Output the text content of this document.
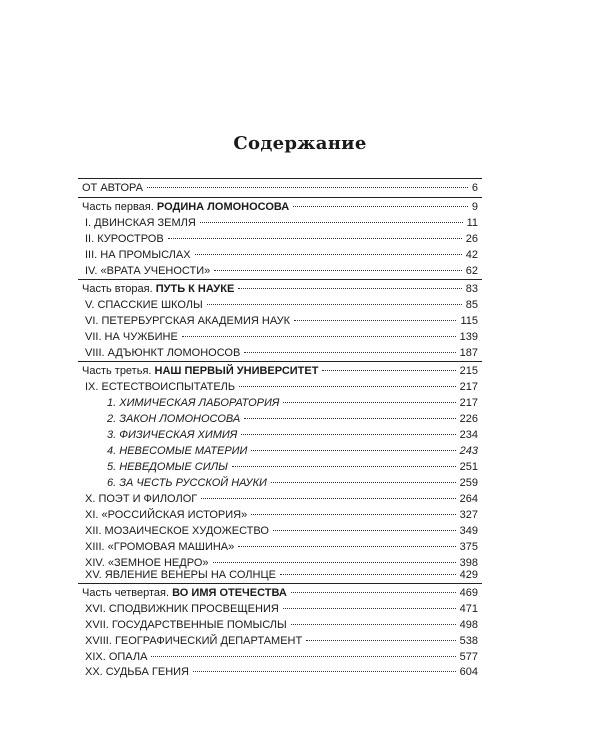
Содержание
ОТ АВТОРА	6
Часть первая. РОДИНА ЛОМОНОСОВА	9
I. ДВИНСКАЯ ЗЕМЛЯ	11
II. КУРОСТРОВ	26
III. НА ПРОМЫСЛАХ	42
IV. «ВРАТА УЧЕНОСТИ»	62
Часть вторая. ПУТЬ К НАУКЕ	83
V. СПАССКИЕ ШКОЛЫ	85
VI. ПЕТЕРБУРГСКАЯ АКАДЕМИЯ НАУК	115
VII. НА ЧУЖБИНЕ	139
VIII. АДЪЮНКТ ЛОМОНОСОВ	187
Часть третья. НАШ ПЕРВЫЙ УНИВЕРСИТЕТ	215
IX. ЕСТЕСТВОИСПЫТАТЕЛЬ	217
1. ХИМИЧЕСКАЯ ЛАБОРАТОРИЯ	217
2. ЗАКОН ЛОМОНОСОВА	226
3. ФИЗИЧЕСКАЯ ХИМИЯ	234
4. НЕВЕСОМЫЕ МАТЕРИИ	243
5. НЕВЕДОМЫЕ СИЛЫ	251
6. ЗА ЧЕСТЬ РУССКОЙ НАУКИ	259
X. ПОЭТ И ФИЛОЛОГ	264
XI. «РОССИЙСКАЯ ИСТОРИЯ»	327
XII. МОЗАИЧЕСКОЕ ХУДОЖЕСТВО	349
XIII. «ГРОМОВАЯ МАШИНА»	375
XIV. «ЗЕМНОЕ НЕДРО»	398
XV. ЯВЛЕНИЕ ВЕНЕРЫ НА СОЛНЦЕ	429
Часть четвертая. ВО ИМЯ ОТЕЧЕСТВА	469
XVI. СПОДВИЖНИК ПРОСВЕЩЕНИЯ	471
XVII. ГОСУДАРСТВЕННЫЕ ПОМЫСЛЫ	498
XVIII. ГЕОГРАФИЧЕСКИЙ ДЕПАРТАМЕНТ	538
XIX. ОПАЛА	577
XX. СУДЬБА ГЕНИЯ	604
